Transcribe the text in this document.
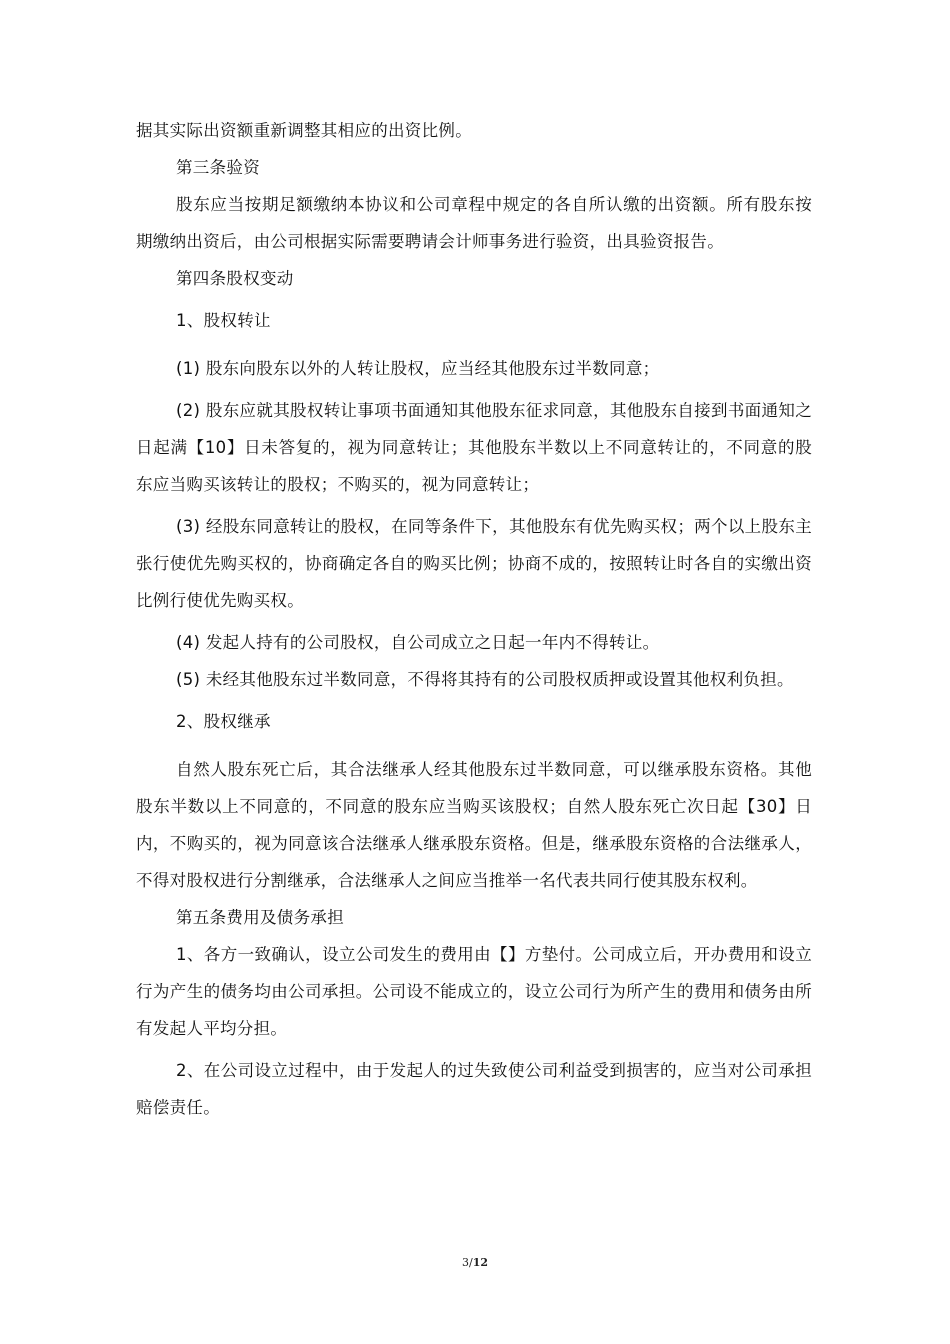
据其实际出资额重新调整其相应的出资比例。

第三条验资

股东应当按期足额缴纳本协议和公司章程中规定的各自所认缴的出资额。所有股东按期缴纳出资后，由公司根据实际需要聘请会计师事务进行验资，出具验资报告。

第四条股权变动

1、股权转让

(1) 股东向股东以外的人转让股权，应当经其他股东过半数同意；

(2) 股东应就其股权转让事项书面通知其他股东征求同意，其他股东自接到书面通知之日起满【10】日未答复的，视为同意转让；其他股东半数以上不同意转让的，不同意的股东应当购买该转让的股权；不购买的，视为同意转让；

(3) 经股东同意转让的股权，在同等条件下，其他股东有优先购买权；两个以上股东主张行使优先购买权的，协商确定各自的购买比例；协商不成的，按照转让时各自的实缴出资比例行使优先购买权。

(4) 发起人持有的公司股权，自公司成立之日起一年内不得转让。

(5) 未经其他股东过半数同意，不得将其持有的公司股权质押或设置其他权利负担。

2、股权继承

自然人股东死亡后，其合法继承人经其他股东过半数同意，可以继承股东资格。其他股东半数以上不同意的，不同意的股东应当购买该股权；自然人股东死亡次日起【30】日内，不购买的，视为同意该合法继承人继承股东资格。但是，继承股东资格的合法继承人，不得对股权进行分割继承，合法继承人之间应当推举一名代表共同行使其股东权利。

第五条费用及债务承担

1、各方一致确认，设立公司发生的费用由【】方垫付。公司成立后，开办费用和设立行为产生的债务均由公司承担。公司设不能成立的，设立公司行为所产生的费用和债务由所有发起人平均分担。

2、在公司设立过程中，由于发起人的过失致使公司利益受到损害的，应当对公司承担赔偿责任。

3/12
